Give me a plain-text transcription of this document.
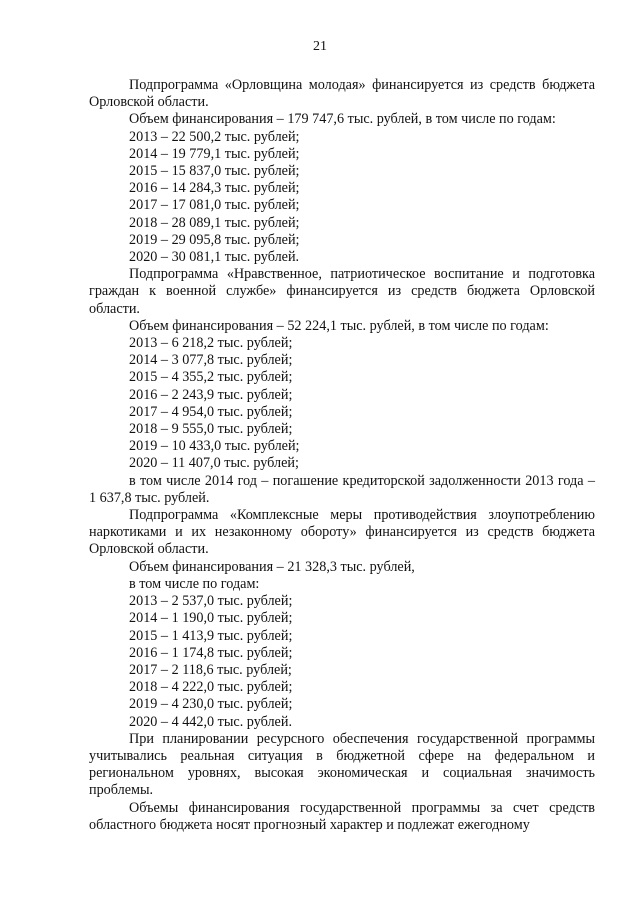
21
Подпрограмма «Орловщина молодая» финансируется из средств бюджета Орловской области.
Объем финансирования – 179 747,6 тыс. рублей, в том числе по годам:
2013 – 22 500,2 тыс. рублей;
2014 – 19 779,1 тыс. рублей;
2015 – 15 837,0 тыс. рублей;
2016 – 14 284,3 тыс. рублей;
2017 – 17 081,0 тыс. рублей;
2018 – 28 089,1 тыс. рублей;
2019 – 29 095,8 тыс. рублей;
2020 – 30 081,1 тыс. рублей.
Подпрограмма «Нравственное, патриотическое воспитание и подготовка граждан к военной службе» финансируется из средств бюджета Орловской области.
Объем финансирования – 52 224,1 тыс. рублей, в том числе по годам:
2013 – 6 218,2 тыс. рублей;
2014 – 3 077,8 тыс. рублей;
2015 – 4 355,2 тыс. рублей;
2016 – 2 243,9 тыс. рублей;
2017 – 4 954,0 тыс. рублей;
2018 – 9 555,0 тыс. рублей;
2019 – 10 433,0 тыс. рублей;
2020 – 11 407,0 тыс. рублей;
в том числе 2014 год – погашение кредиторской задолженности 2013 года – 1 637,8 тыс. рублей.
Подпрограмма «Комплексные меры противодействия злоупотреблению наркотиками и их незаконному обороту» финансируется из средств бюджета Орловской области.
Объем финансирования – 21 328,3 тыс. рублей,
в том числе по годам:
2013 – 2 537,0 тыс. рублей;
2014 – 1 190,0 тыс. рублей;
2015 – 1 413,9 тыс. рублей;
2016 – 1 174,8 тыс. рублей;
2017 – 2 118,6 тыс. рублей;
2018 – 4 222,0 тыс. рублей;
2019 – 4 230,0 тыс. рублей;
2020 – 4 442,0 тыс. рублей.
При планировании ресурсного обеспечения государственной программы учитывались реальная ситуация в бюджетной сфере на федеральном и региональном уровнях, высокая экономическая и социальная значимость проблемы.
Объемы финансирования государственной программы за счет средств областного бюджета носят прогнозный характер и подлежат ежегодному
